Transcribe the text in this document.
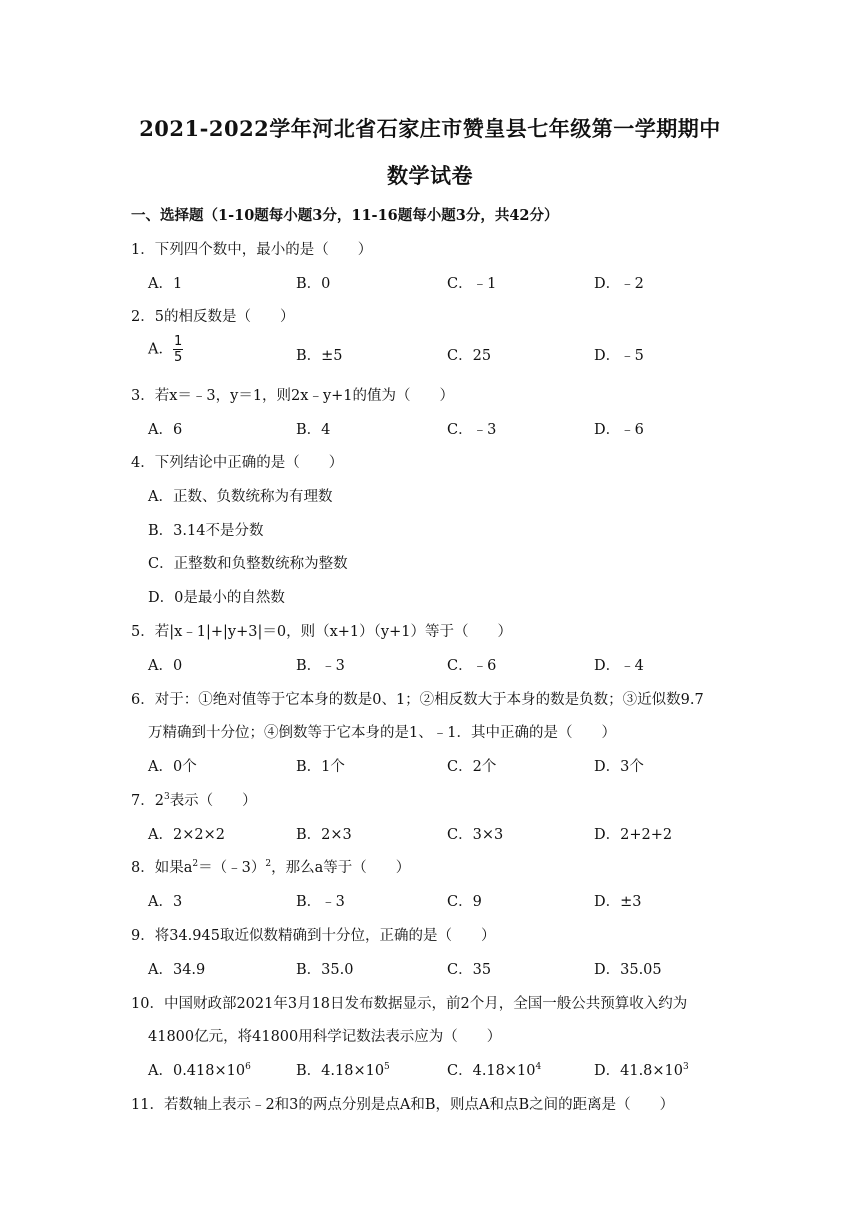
2021-2022学年河北省石家庄市赞皇县七年级第一学期期中
数学试卷
一、选择题（1-10题每小题3分，11-16题每小题3分，共42分）
1．下列四个数中，最小的是（　　）
A．1	B．0	C．﹣1	D．﹣2
2．5的相反数是（　　）
A． $\frac{1}{5}$	B．±5	C．25	D．﹣5
3．若x＝﹣3，y＝1，则2x﹣y+1的值为（　　）
A．6	B．4	C．﹣3	D．﹣6
4．下列结论中正确的是（　　）
A．正数、负数统称为有理数
B．3.14不是分数
C．正整数和负整数统称为整数
D．0是最小的自然数
5．若|x﹣1|+|y+3|＝0，则（x+1）（y+1）等于（　　）
A．0	B．﹣3	C．﹣6	D．﹣4
6．对于：①绝对值等于它本身的数是0、1；②相反数大于本身的数是负数；③近似数9.7
万精确到十分位；④倒数等于它本身的是1、﹣1．其中正确的是（　　）
A．0个	B．1个	C．2个	D．3个
7．$2^3$表示（　　）
A．2×2×2	B．2×3	C．3×3	D．2+2+2
8．如果$a^2=(﹣3)^2$，那么a等于（　　）
A．3	B．﹣3	C．9	D．±3
9．将34.945取近似数精确到十分位，正确的是（　　）
A．34.9	B．35.0	C．35	D．35.05
10．中国财政部2021年3月18日发布数据显示，前2个月，全国一般公共预算收入约为
41800亿元，将41800用科学记数法表示应为（　　）
A．$0.418\times 10^6$	B．$4.18\times 10^5$	C．$4.18\times 10^4$	D．$41.8\times 10^3$
11．若数轴上表示﹣2和3的两点分别是点A和B，则点A和点B之间的距离是（　　）
